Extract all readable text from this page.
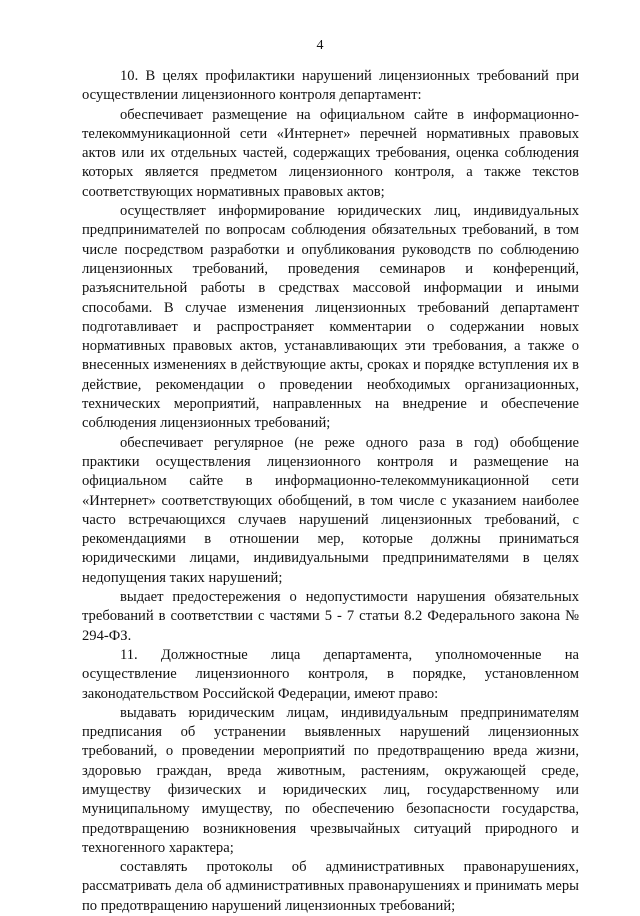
4

10. В целях профилактики нарушений лицензионных требований при осуществлении лицензионного контроля департамент:

обеспечивает размещение на официальном сайте в информационно-телекоммуникационной сети «Интернет» перечней нормативных правовых актов или их отдельных частей, содержащих требования, оценка соблюдения которых является предметом лицензионного контроля, а также текстов соответствующих нормативных правовых актов;

осуществляет информирование юридических лиц, индивидуальных предпринимателей по вопросам соблюдения обязательных требований, в том числе посредством разработки и опубликования руководств по соблюдению лицензионных требований, проведения семинаров и конференций, разъяснительной работы в средствах массовой информации и иными способами. В случае изменения лицензионных требований департамент подготавливает и распространяет комментарии о содержании новых нормативных правовых актов, устанавливающих эти требования, а также о внесенных изменениях в действующие акты, сроках и порядке вступления их в действие, рекомендации о проведении необходимых организационных, технических мероприятий, направленных на внедрение и обеспечение соблюдения лицензионных требований;

обеспечивает регулярное (не реже одного раза в год) обобщение практики осуществления лицензионного контроля и размещение на официальном сайте в информационно-телекоммуникационной сети «Интернет» соответствующих обобщений, в том числе с указанием наиболее часто встречающихся случаев нарушений лицензионных требований, с рекомендациями в отношении мер, которые должны приниматься юридическими лицами, индивидуальными предпринимателями в целях недопущения таких нарушений;

выдает предостережения о недопустимости нарушения обязательных требований в соответствии с частями 5 - 7 статьи 8.2 Федерального закона № 294-ФЗ.

11. Должностные лица департамента, уполномоченные на осуществление лицензионного контроля, в порядке, установленном законодательством Российской Федерации, имеют право:

выдавать юридическим лицам, индивидуальным предпринимателям предписания об устранении выявленных нарушений лицензионных требований, о проведении мероприятий по предотвращению вреда жизни, здоровью граждан, вреда животным, растениям, окружающей среде, имуществу физических и юридических лиц, государственному или муниципальному имуществу, по обеспечению безопасности государства, предотвращению возникновения чрезвычайных ситуаций природного и техногенного характера;

составлять протоколы об административных правонарушениях, рассматривать дела об административных правонарушениях и принимать меры по предотвращению нарушений лицензионных требований;
